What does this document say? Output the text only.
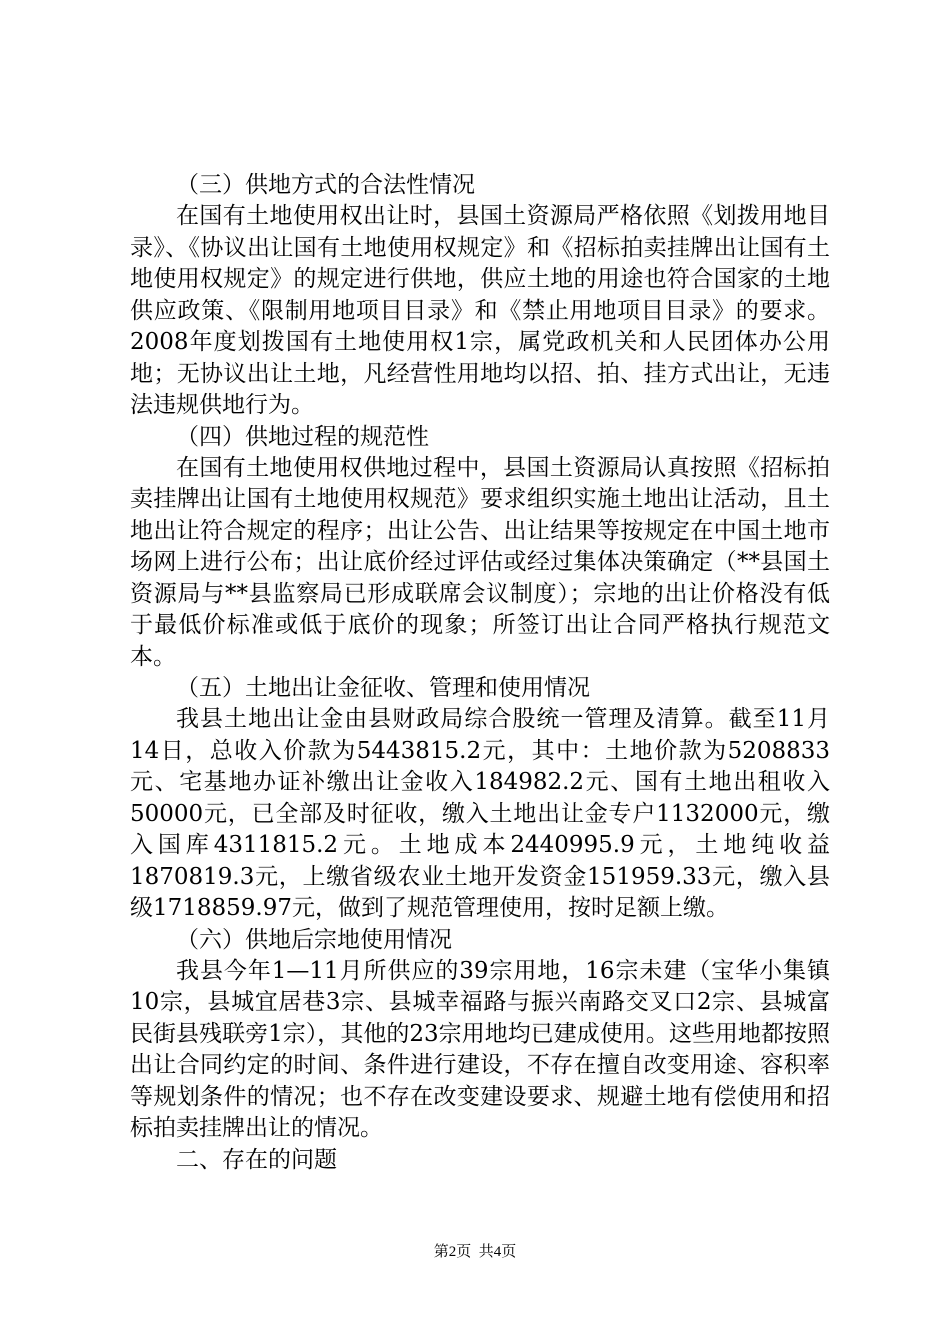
（三）供地方式的合法性情况

在国有土地使用权出让时，县国土资源局严格依照《划拨用地目录》、《协议出让国有土地使用权规定》和《招标拍卖挂牌出让国有土地使用权规定》的规定进行供地，供应土地的用途也符合国家的土地供应政策、《限制用地项目目录》和《禁止用地项目目录》的要求。2008年度划拨国有土地使用权1宗，属党政机关和人民团体办公用地；无协议出让土地，凡经营性用地均以招、拍、挂方式出让，无违法违规供地行为。

（四）供地过程的规范性

在国有土地使用权供地过程中，县国土资源局认真按照《招标拍卖挂牌出让国有土地使用权规范》要求组织实施土地出让活动，且土地出让符合规定的程序；出让公告、出让结果等按规定在中国土地市场网上进行公布；出让底价经过评估或经过集体决策确定（**县国土资源局与**县监察局已形成联席会议制度）；宗地的出让价格没有低于最低价标准或低于底价的现象；所签订出让合同严格执行规范文本。

（五）土地出让金征收、管理和使用情况

我县土地出让金由县财政局综合股统一管理及清算。截至11月14日，总收入价款为5443815.2元，其中：土地价款为5208833元、宅基地办证补缴出让金收入184982.2元、国有土地出租收入50000元，已全部及时征收，缴入土地出让金专户1132000元，缴入国库4311815.2元。土地成本2440995.9元，土地纯收益1870819.3元，上缴省级农业土地开发资金151959.33元，缴入县级1718859.97元，做到了规范管理使用，按时足额上缴。

（六）供地后宗地使用情况

我县今年1—11月所供应的39宗用地，16宗未建（宝华小集镇10宗，县城宜居巷3宗、县城幸福路与振兴南路交叉口2宗、县城富民街县残联旁1宗），其他的23宗用地均已建成使用。这些用地都按照出让合同约定的时间、条件进行建设，不存在擅自改变用途、容积率等规划条件的情况；也不存在改变建设要求、规避土地有偿使用和招标拍卖挂牌出让的情况。

二、存在的问题

第2页  共4页
